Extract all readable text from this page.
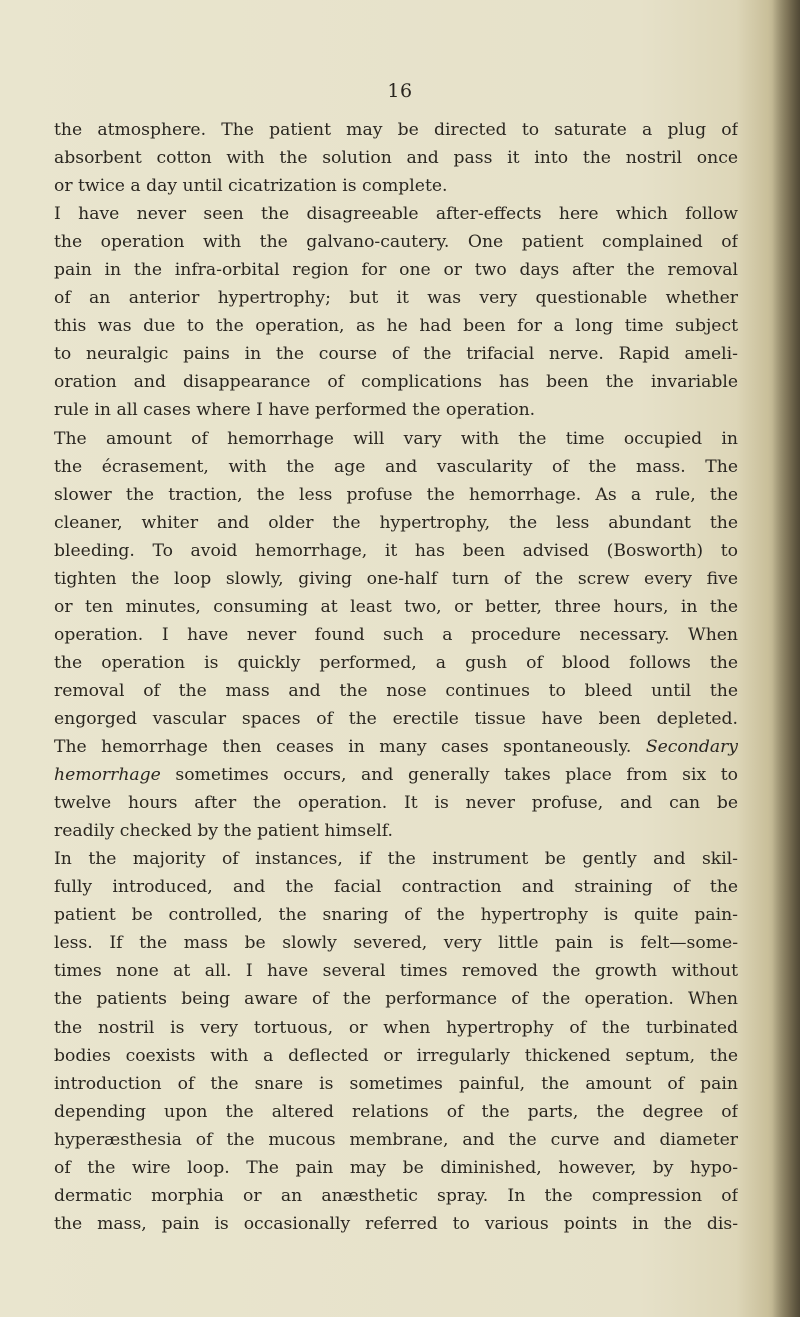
16
the atmosphere. The patient may be directed to saturate a plug of
absorbent cotton with the solution and pass it into the nostril once
or twice a day until cicatrization is complete.
I have never seen the disagreeable after-effects here which follow
the operation with the galvano-cautery. One patient complained of
pain in the infra-orbital region for one or two days after the removal
of an anterior hypertrophy; but it was very questionable whether
this was due to the operation, as he had been for a long time subject
to neuralgic pains in the course of the trifacial nerve. Rapid ameli-
oration and disappearance of complications has been the invariable
rule in all cases where I have performed the operation.
The amount of hemorrhage will vary with the time occupied in
the écrasement, with the age and vascularity of the mass. The
slower the traction, the less profuse the hemorrhage. As a rule, the
cleaner, whiter and older the hypertrophy, the less abundant the
bleeding. To avoid hemorrhage, it has been advised (Bosworth) to
tighten the loop slowly, giving one-half turn of the screw every five
or ten minutes, consuming at least two, or better, three hours, in the
operation. I have never found such a procedure necessary. When
the operation is quickly performed, a gush of blood follows the
removal of the mass and the nose continues to bleed until the
engorged vascular spaces of the erectile tissue have been depleted.
The hemorrhage then ceases in many cases spontaneously. Secondary
hemorrhage sometimes occurs, and generally takes place from six to
twelve hours after the operation. It is never profuse, and can be
readily checked by the patient himself.
In the majority of instances, if the instrument be gently and skil-
fully introduced, and the facial contraction and straining of the
patient be controlled, the snaring of the hypertrophy is quite pain-
less. If the mass be slowly severed, very little pain is felt—some-
times none at all. I have several times removed the growth without
the patients being aware of the performance of the operation. When
the nostril is very tortuous, or when hypertrophy of the turbinated
bodies coexists with a deflected or irregularly thickened septum, the
introduction of the snare is sometimes painful, the amount of pain
depending upon the altered relations of the parts, the degree of
hyperæsthesia of the mucous membrane, and the curve and diameter
of the wire loop. The pain may be diminished, however, by hypo-
dermatic morphia or an anæsthetic spray. In the compression of
the mass, pain is occasionally referred to various points in the dis-
